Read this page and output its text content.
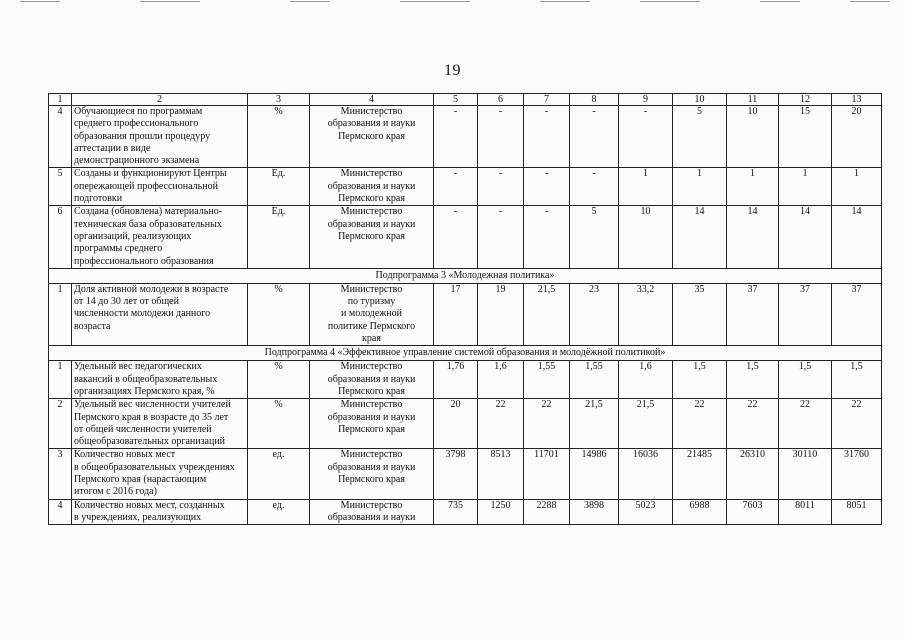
19
1	2	3	4	5	6	7	8	9	10	11	12	13
4	Обучающиеся по программам
среднего профессионального
образования прошли процедуру
аттестации в виде
демонстрационного экзамена	%	Министерство
образования и науки
Пермского края	-	-	-	-	-	5	10	15	20
5	Созданы и функционируют Центры
опережающей профессиональной
подготовки	Ед.	Министерство
образования и науки
Пермского края	-	-	-	-	1	1	1	1	1
6	Создана (обновлена) материально-
техническая база образовательных
организаций, реализующих
программы среднего
профессионального образования	Ед.	Министерство
образования и науки
Пермского края	-	-	-	5	10	14	14	14	14
Подпрограмма 3 «Молодежная политика»												
1	Доля активной молодежи в возрасте
от 14 до 30 лет от общей
численности молодежи данного
возраста	%	Министерство
по туризму
и молодежной
политике Пермского
края	17	19	21,5	23	33,2	35	37	37	37
Подпрограмма 4 «Эффективное управление системой образования и молодёжной политикой»												
1	Удельный вес педагогических
вакансий в общеобразовательных
организациях Пермского края, %	%	Министерство
образования и науки
Пермского края	1,76	1,6	1,55	1,55	1,6	1,5	1,5	1,5	1,5
2	Удельный вес численности учителей
Пермского края в возрасте до 35 лет
от общей численности учителей
общеобразовательных организаций	%	Министерство
образования и науки
Пермского края	20	22	22	21,5	21,5	22	22	22	22
3	Количество новых мест
в общеобразовательных учреждениях
Пермского края (нарастающим
итогом с 2016 года)	ед.	Министерство
образования и науки
Пермского края	3798	8513	11701	14986	16036	21485	26310	30110	31760
4	Количество новых мест, созданных
в учреждениях, реализующих	ед.	Министерство
образования и науки	735	1250	2288	3898	5023	6988	7603	8011	8051
